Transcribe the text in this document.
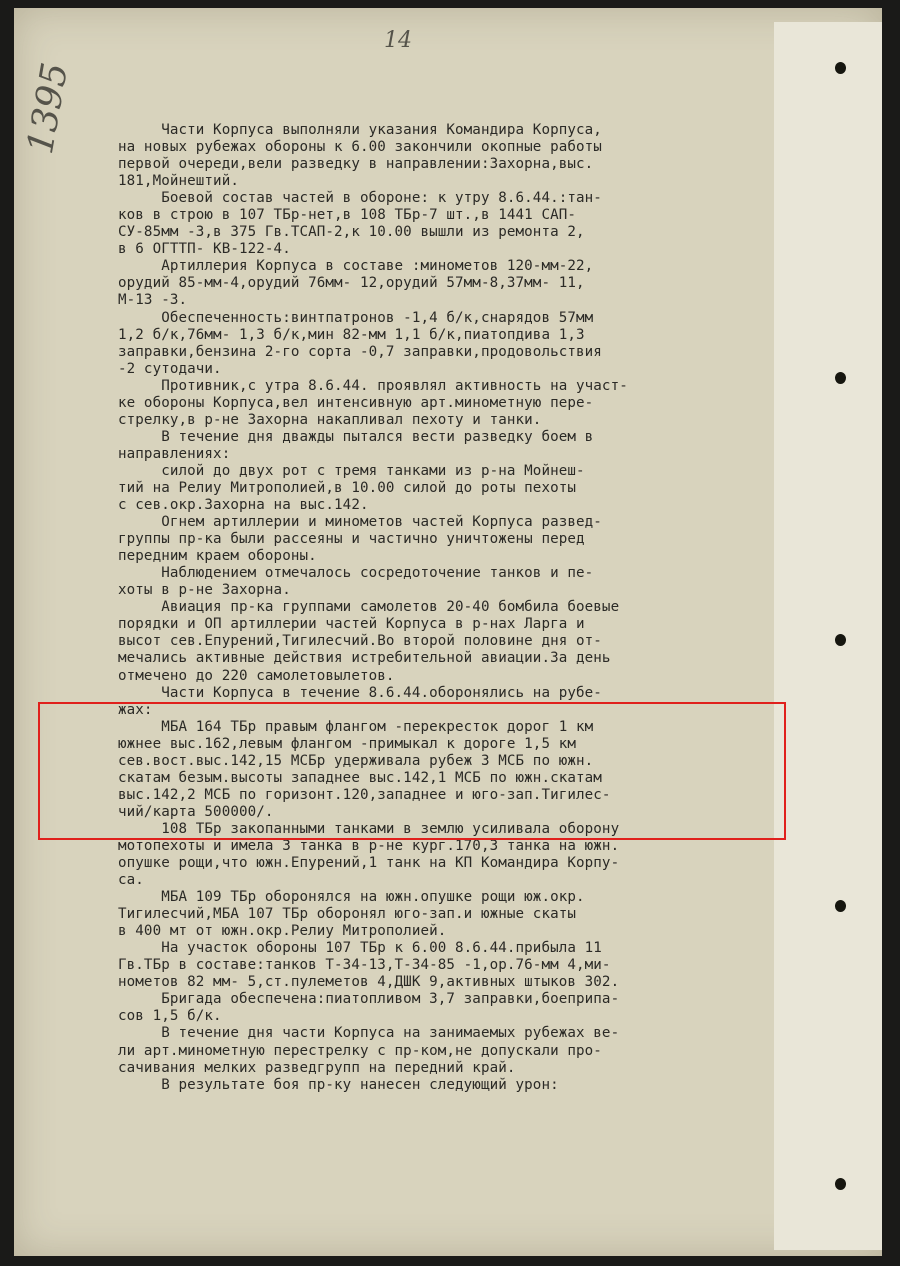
14
1395	Части Корпуса выполняли указания Командира Корпуса,
на новых рубежах обороны к 6.00 закончили окопные работы
первой очереди,вели разведку в направлении:Захорна,выс.
181,Мойнештий.
Боевой состав частей в обороне: к утру 8.6.44.:тан-
ков в строю в 107 ТБр-нет,в 108 ТБр-7 шт.,в 1441 САП-
СУ-85мм -3,в 375 Гв.ТСАП-2,к 10.00 вышли из ремонта 2,
в 6 ОГТТП- КВ-122-4.
Артиллерия Корпуса в составе :минометов 120-мм-22,
орудий 85-мм-4,орудий 76мм- 12,орудий 57мм-8,37мм- 11,
М-13 -3.
Обеспеченность:винтпатронов -1,4 б/к,снарядов 57мм
1,2 б/к,76мм- 1,3 б/к,мин 82-мм 1,1 б/к,пиатопдива 1,3
заправки,бензина 2-го сорта -0,7 заправки,продовольствия
-2 сутодачи.
Противник,с утра 8.6.44. проявлял активность на участ-
ке обороны Корпуса,вел интенсивную арт.минометную пере-
стрелку,в р-не Захорна накапливал пехоту и танки.
В течение дня дважды пытался вести разведку боем в
направлениях:
силой до двух рот с тремя танками из р-на Мойнеш-
тий на Релиу Митрополией,в 10.00 силой до роты пехоты
с сев.окр.Захорна на выс.142.
Огнем артиллерии и минометов частей Корпуса развед-
группы пр-ка были рассеяны и частично уничтожены перед
передним краем обороны.
Наблюдением отмечалось сосредоточение танков и пе-
хоты в р-не Захорна.
Авиация пр-ка группами самолетов 20-40 бомбила боевые
порядки и ОП артиллерии частей Корпуса в р-нах Ларга и
высот сев.Епурений,Тигилесчий.Во второй половине дня от-
мечались активные действия истребительной авиации.За день
отмечено до 220 самолетовылетов.
Части Корпуса в течение 8.6.44.оборонялись на рубе-
жах:
МБА 164 ТБр правым флангом -перекресток дорог 1 км
южнее выс.162,левым флангом -примыкал к дороге 1,5 км
сев.вост.выс.142,15 МСБр удерживала рубеж 3 МСБ по южн.
скатам безым.высоты западнее выс.142,1 МСБ по южн.скатам
выс.142,2 МСБ по горизонт.120,западнее и юго-зап.Тигилес-
чий/карта 500000/.
108 ТБр закопанными танками в землю усиливала оборону
мотопехоты и имела 3 танка в р-не кург.170,3 танка на южн.
опушке рощи,что южн.Епурений,1 танк на КП Командира Корпу-
са.
МБА 109 ТБр оборонялся на южн.опушке рощи юж.окр.
Тигилесчий,МБА 107 ТБр оборонял юго-зап.и южные скаты
в 400 мт от южн.окр.Релиу Митрополией.
На участок обороны 107 ТБр к 6.00 8.6.44.прибыла 11
Гв.ТБр в составе:танков Т-34-13,Т-34-85 -1,ор.76-мм 4,ми-
нометов 82 мм- 5,ст.пулеметов 4,ДШК 9,активных штыков 302.
Бригада обеспечена:пиатопливом 3,7 заправки,боеприпа-
сов 1,5 б/к.
В течение дня части Корпуса на занимаемых рубежах ве-
ли арт.минометную перестрелку с пр-ком,не допускали про-
сачивания мелких разведгрупп на передний край.
В результате боя пр-ку нанесен следующий урон:
